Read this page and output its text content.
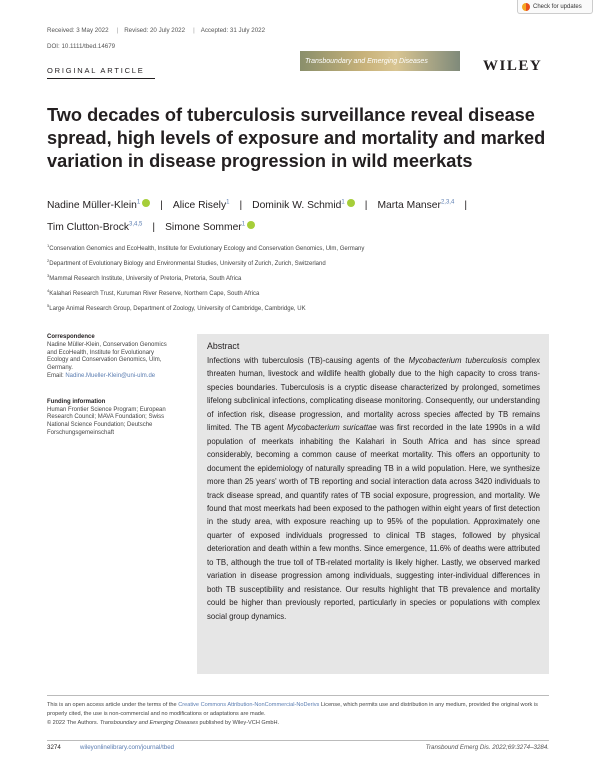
Check for updates
Received: 3 May 2022	| Revised: 20 July 2022	| Accepted: 31 July 2022
DOI: 10.1111/tbed.14679
ORIGINAL ARTICLE
Transboundary and Emerging Diseases	WILEY
Two decades of tuberculosis surveillance reveal disease spread, high levels of exposure and mortality and marked variation in disease progression in wild meerkats
Nadine Müller-Klein$^1$ iD | Alice Risely$^1$ | Dominik W. Schmid$^1$ iD | Marta Manser$^{2,3,4}$ |
Tim Clutton-Brock$^{3,4,5}$ | Simone Sommer$^1$iD
$^1$Conservation Genomics and EcoHealth, Institute for Evolutionary Ecology and Conservation Genomics, Ulm, Germany
$^2$Department of Evolutionary Biology and Environmental Studies, University of Zurich, Zurich, Switzerland
$^3$Mammal Research Institute, University of Pretoria, Pretoria, South Africa
$^4$Kalahari Research Trust, Kuruman River Reserve, Northern Cape, South Africa
$^5$Large Animal Research Group, Department of Zoology, University of Cambridge, Cambridge, UK
Correspondence
Nadine Müller-Klein, Conservation Genomics and EcoHealth, Institute for Evolutionary Ecology and Conservation Genomics, Ulm, Germany.
Email: Nadine.Mueller-Klein@uni-ulm.de
Funding information
Human Frontier Science Program; European Research Council; MAVA Foundation; Swiss National Science Foundation; Deutsche Forschungsgemeinschaft
Abstract
Infections with tuberculosis (TB)-causing agents of the Mycobacterium tuberculosis complex threaten human, livestock and wildlife health globally due to the high capacity to cross trans-species boundaries. Tuberculosis is a cryptic disease characterized by prolonged, sometimes lifelong subclinical infections, complicating disease monitoring. Consequently, our understanding of infection risk, disease progression, and mortality across species affected by TB remains limited. The TB agent Mycobacterium suricattae was first recorded in the late 1990s in a wild population of meerkats inhabiting the Kalahari in South Africa and has since spread considerably, becoming a common cause of meerkat mortality. This offers an opportunity to document the epidemiology of naturally spreading TB in a wild population. Here, we synthesize more than 25 years' worth of TB reporting and social interaction data across 3420 individuals to track disease spread, and quantify rates of TB social exposure, progression, and mortality. We found that most meerkats had been exposed to the pathogen within eight years of first detection in the study area, with exposure reaching up to 95% of the population. Approximately one quarter of exposed individuals progressed to clinical TB stages, followed by physical deterioration and death within a few months. Since emergence, 11.6% of deaths were attributed to TB, although the true toll of TB-related mortality is likely higher. Lastly, we observed marked variation in disease progression among individuals, suggesting inter-individual differences in both TB susceptibility and resistance. Our results highlight that TB prevalence and mortality could be higher than previously reported, particularly in species or populations with complex social group dynamics.
This is an open access article under the terms of the Creative Commons Attribution-NonCommercial-NoDerivs License, which permits use and distribution in any medium, provided the original work is properly cited, the use is non-commercial and no modifications or adaptations are made.
© 2022 The Authors. Transboundary and Emerging Diseases published by Wiley-VCH GmbH.
3274	wileyonlinelibrary.com/journal/tbed	Transbound Emerg Dis. 2022;69:3274–3284.
